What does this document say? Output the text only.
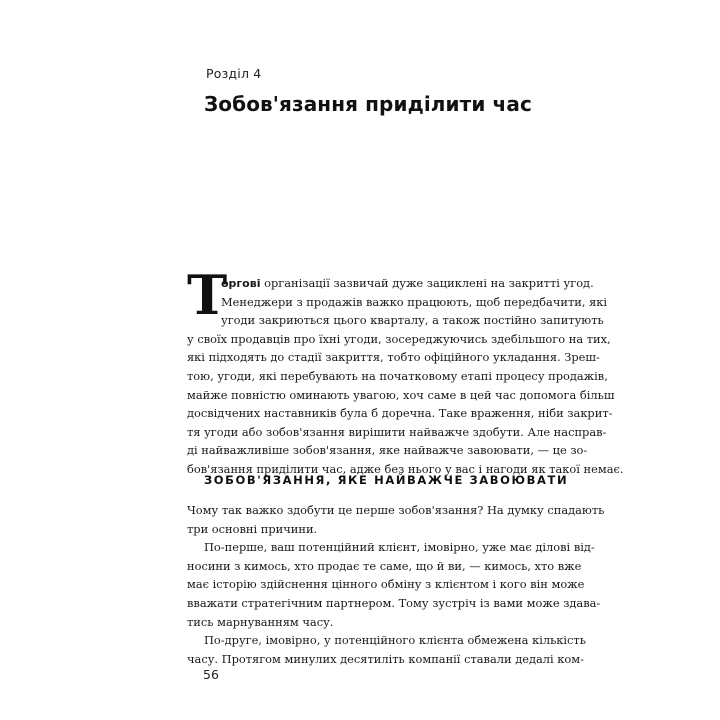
Розділ 4
Зобов'язання приділити час
Т
оргові організації зазвичай дуже зациклені на закритті угод.
Менеджери з продажів важко працюють, щоб передбачити, які
угоди закриються цього кварталу, а також постійно запитують
у своїх продавців про їхні угоди, зосереджуючись здебільшого на тих,
які підходять до стадії закриття, тобто офіційного укладання. Зреш-
тою, угоди, які перебувають на початковому етапі процесу продажів,
майже повністю оминають увагою, хоч саме в цей час допомога більш
досвідчених наставників була б доречна. Таке враження, ніби закрит-
тя угоди або зобов'язання вирішити найважче здобути. Але насправ-
ді найважливіше зобов'язання, яке найважче завоювати, — це зо-
бов'язання приділити час, адже без нього у вас і нагоди як такої немає.
ЗОБОВ'ЯЗАННЯ, ЯКЕ НАЙВАЖЧЕ ЗАВОЮВАТИ
Чому так важко здобути це перше зобов'язання? На думку спадають
три основні причини.
По-перше, ваш потенційний клієнт, імовірно, уже має ділові від-
носини з кимось, хто продає те саме, що й ви, — кимось, хто вже
має історію здійснення цінного обміну з клієнтом і кого він може
вважати стратегічним партнером. Тому зустріч із вами може здава-
тись марнуванням часу.
По-друге, імовірно, у потенційного клієнта обмежена кількість
часу. Протягом минулих десятиліть компанії ставали дедалі ком-
56
